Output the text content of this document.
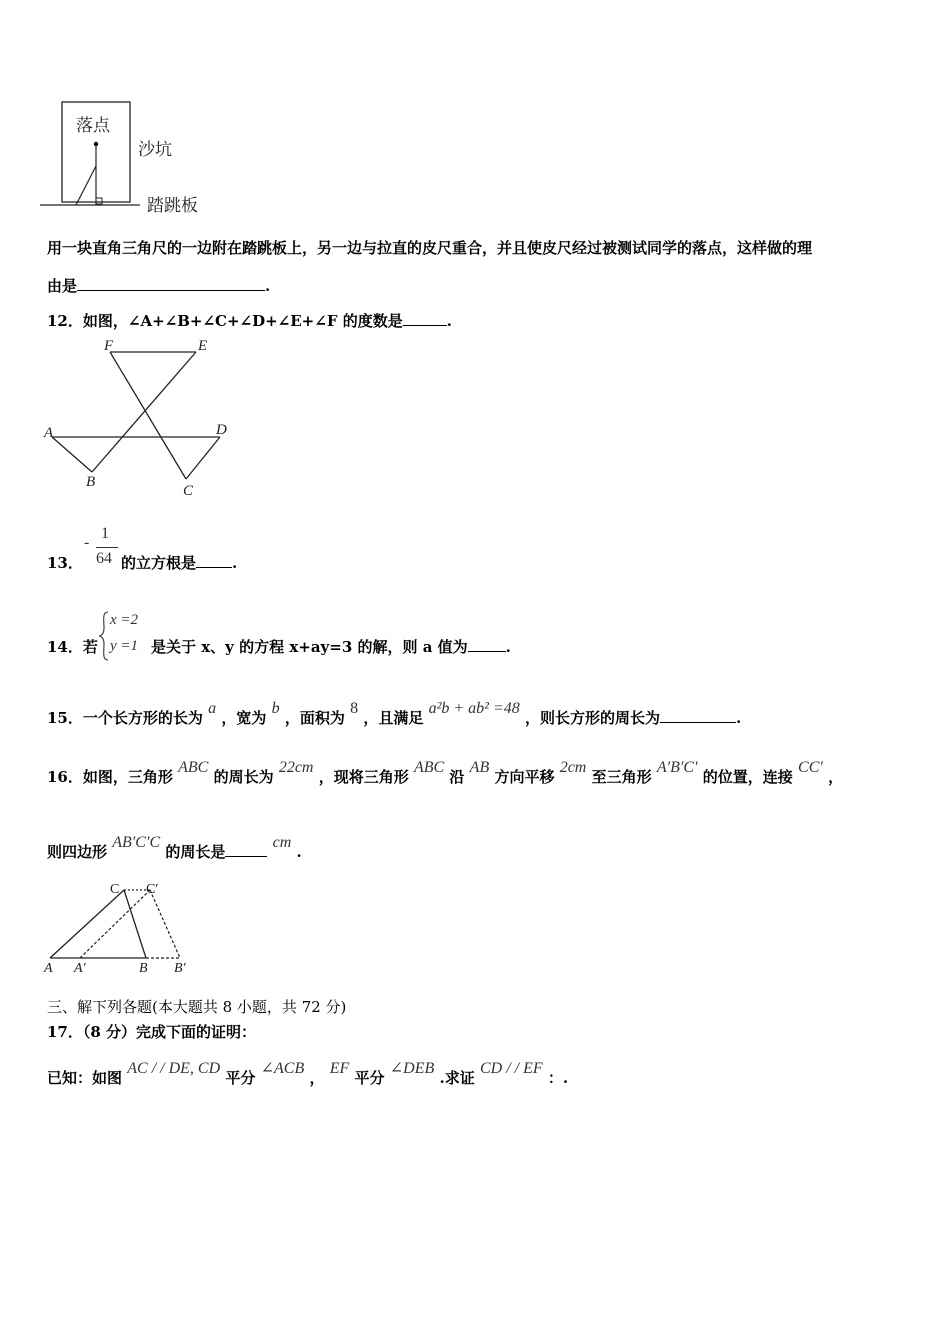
落点
沙坑
踏跳板
用一块直角三角尺的一边附在踏跳板上，另一边与拉直的皮尺重合，并且使皮尺经过被测试同学的落点，这样做的理
由是	.
12．如图，∠A+∠B+∠C+∠D+∠E+∠F 的度数是	.
F	E
A	D
B
C
13．
-
1
64 的立方根是 .
14．若
x =2
y =1 是关于 x、y 的方程 x+ay=3 的解，则 a 值为	.
15．一个长方形的长为 a ，宽为 b ，面积为 8 ，且满足 a²b + ab² =48 ，则长方形的周长为	.
16．如图，三角形 ABC 的周长为 22cm ，现将三角形 ABC 沿 AB 方向平移 2cm 至三角形 A′B′C′ 的位置，连接 CC′ ，
则四边形 AB′C′C 的周长是 cm .
C C′
A A′	B B′
三、解下列各题(本大题共 8 小题，共 72 分)
17．（8 分）完成下面的证明：
已知：如图 AC / / DE, CD 平分 ∠ACB ， EF 平分 ∠DEB .求证 CD / / EF ：.
